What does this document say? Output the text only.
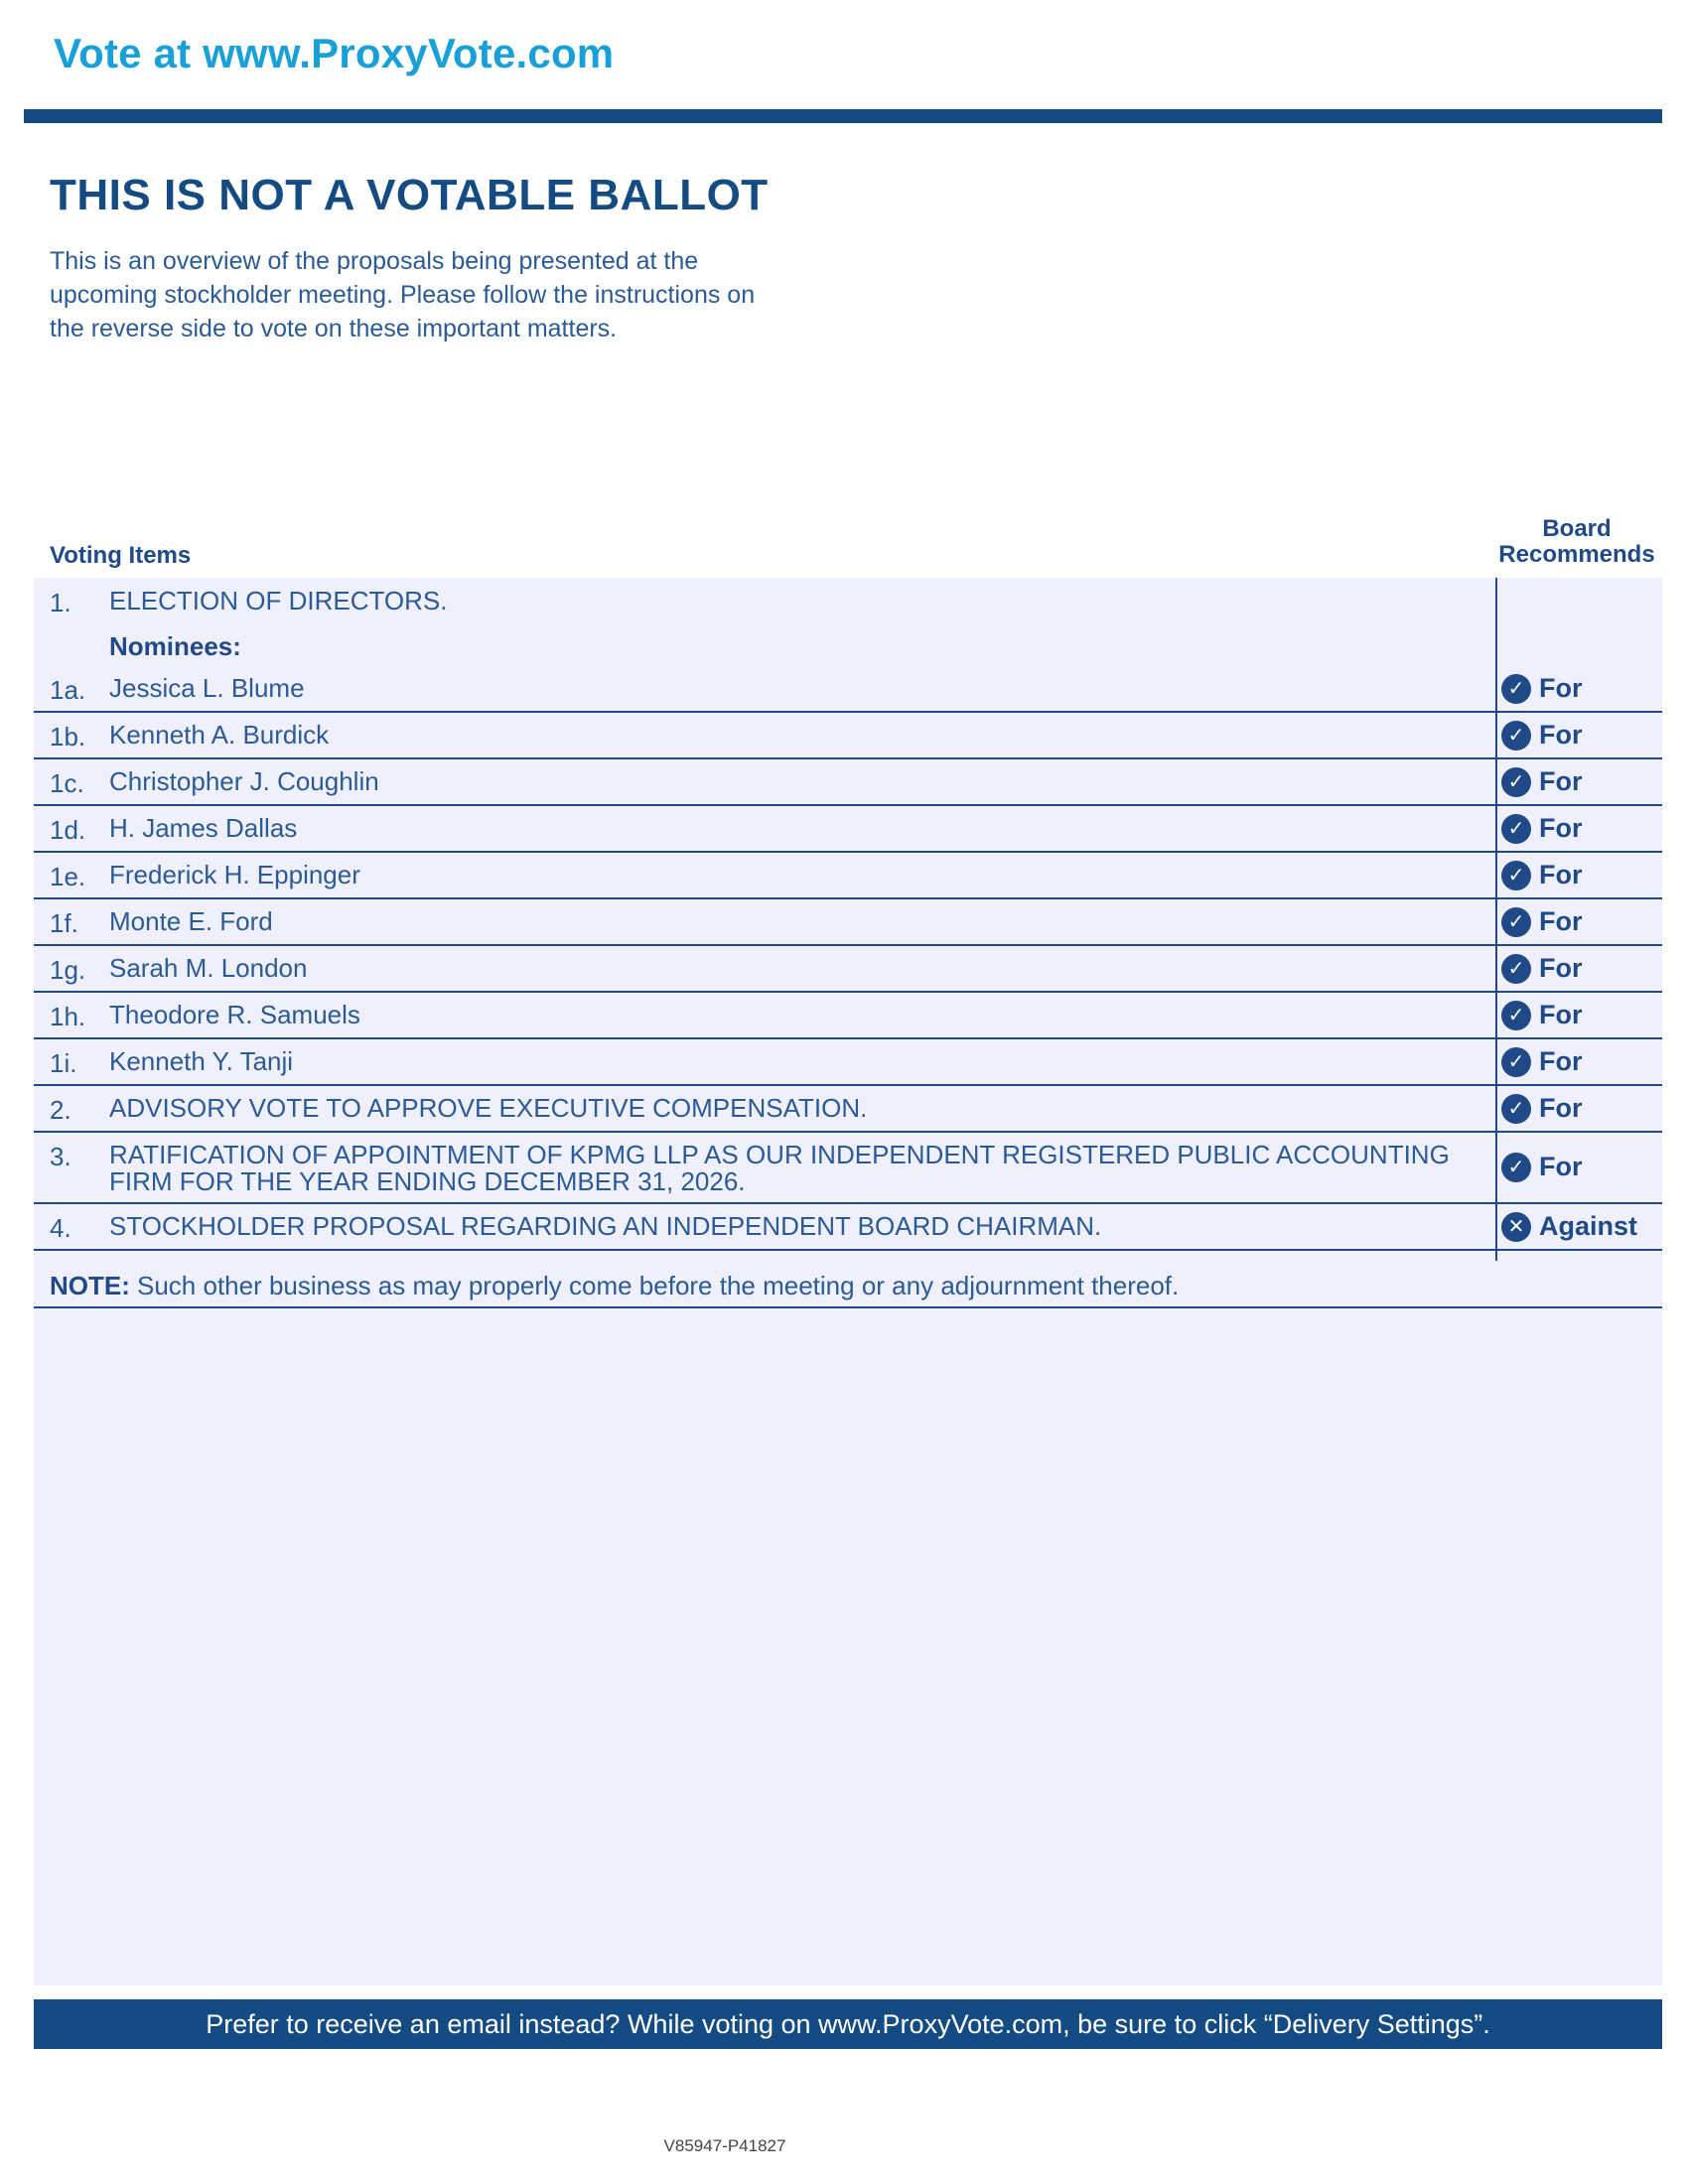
Vote at www.ProxyVote.com
THIS IS NOT A VOTABLE BALLOT
This is an overview of the proposals being presented at the
upcoming stockholder meeting. Please follow the instructions on
the reverse side to vote on these important matters.
Voting Items
Board
Recommends
1. ELECTION OF DIRECTORS.
Nominees:
1a. Jessica L. Blume	✓ For
1b. Kenneth A. Burdick	✓ For
1c. Christopher J. Coughlin	✓ For
1d. H. James Dallas	✓ For
1e. Frederick H. Eppinger	✓ For
1f. Monte E. Ford	✓ For
1g. Sarah M. London	✓ For
1h. Theodore R. Samuels	✓ For
1i. Kenneth Y. Tanji	✓ For
2. ADVISORY VOTE TO APPROVE EXECUTIVE COMPENSATION.	✓ For
3. RATIFICATION OF APPOINTMENT OF KPMG LLP AS OUR INDEPENDENT REGISTERED PUBLIC ACCOUNTING FIRM FOR THE YEAR ENDING DECEMBER 31, 2026.	✓ For
4. STOCKHOLDER PROPOSAL REGARDING AN INDEPENDENT BOARD CHAIRMAN.	✕ Against
NOTE: Such other business as may properly come before the meeting or any adjournment thereof.
Prefer to receive an email instead? While voting on www.ProxyVote.com, be sure to click “Delivery Settings”.
V85947-P41827
